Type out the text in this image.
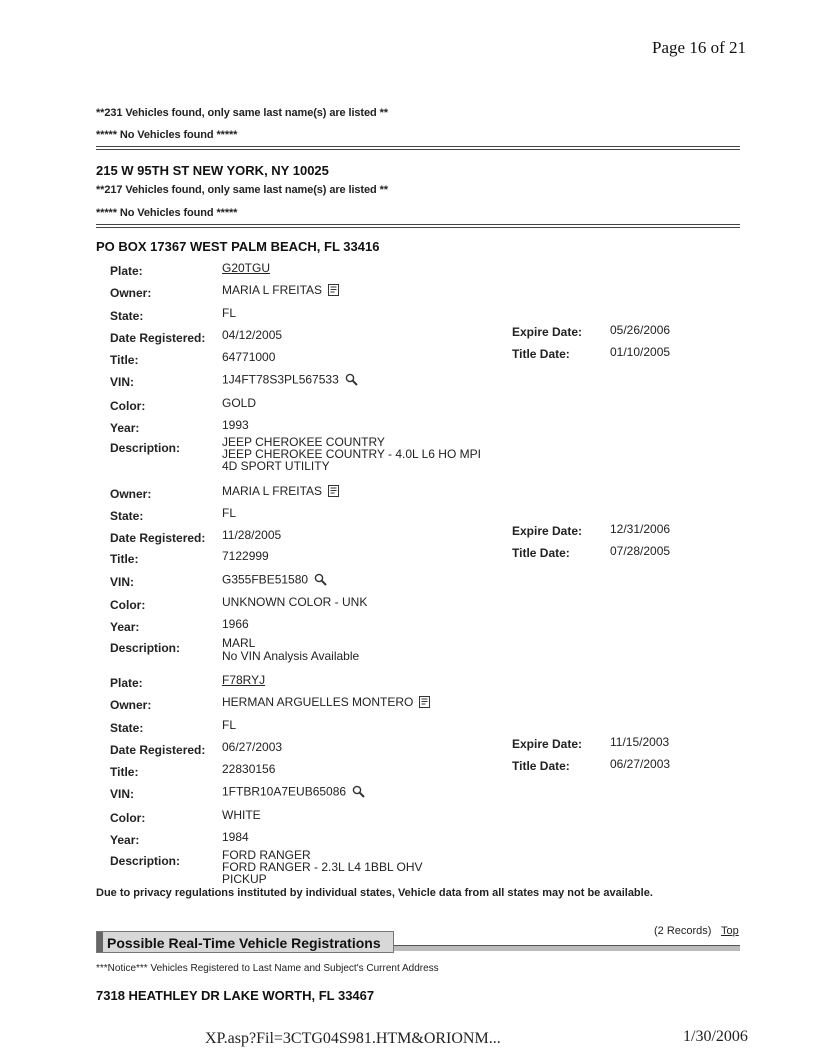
Page 16 of 21
**231 Vehicles found, only same last name(s) are listed **
***** No Vehicles found *****
215 W 95TH ST NEW YORK, NY 10025
**217 Vehicles found, only same last name(s) are listed **
***** No Vehicles found *****
PO BOX 17367 WEST PALM BEACH, FL 33416
Plate:	G20TGU
Owner:	MARIA L FREITAS
State:	FL
Date Registered: 04/12/2005	Expire Date: 05/26/2006
Title:	64771000	Title Date:	01/10/2005
VIN:	1J4FT78S3PL567533
Color:	GOLD
Year:	1993
Description:	JEEP CHEROKEE COUNTRY
JEEP CHEROKEE COUNTRY - 4.0L L6 HO MPI
4D SPORT UTILITY
Owner:	MARIA L FREITAS
State:	FL
Date Registered: 11/28/2005	Expire Date: 12/31/2006
Title:	7122999	Title Date:	07/28/2005
VIN:	G355FBE51580
Color:	UNKNOWN COLOR - UNK
Year:	1966
Description:	MARL
No VIN Analysis Available
Plate:	F78RYJ
Owner:	HERMAN ARGUELLES MONTERO
State:	FL
Date Registered: 06/27/2003	Expire Date: 11/15/2003
Title:	22830156	Title Date:	06/27/2003
VIN:	1FTBR10A7EUB65086
Color:	WHITE
Year:	1984
Description:	FORD RANGER
FORD RANGER - 2.3L L4 1BBL OHV
PICKUP
Due to privacy regulations instituted by individual states, Vehicle data from all states may not be available.
Possible Real-Time Vehicle Registrations
(2 Records) Top
***Notice*** Vehicles Registered to Last Name and Subject's Current Address
7318 HEATHLEY DR LAKE WORTH, FL 33467
XP.asp?Fil=3CTG04S981.HTM&ORIONM...	1/30/2006
